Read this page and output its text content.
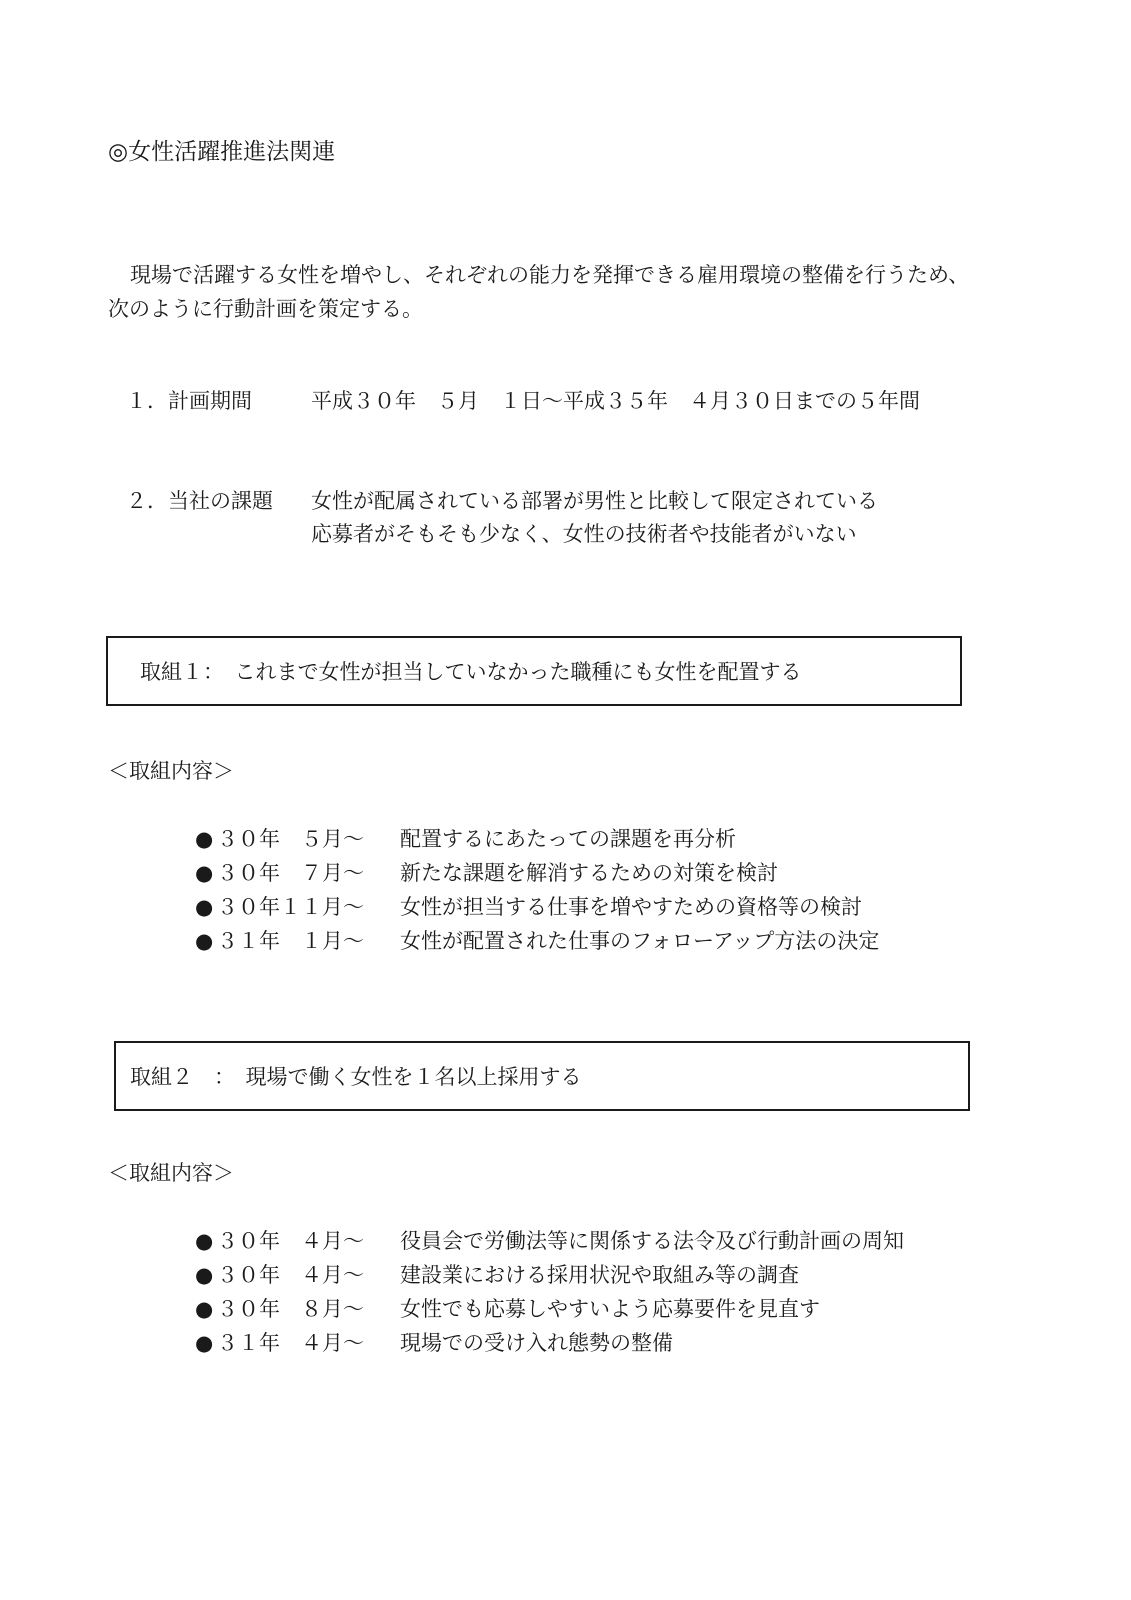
◎女性活躍推進法関連
現場で活躍する女性を増やし、それぞれの能力を発揮できる雇用環境の整備を行うため、
次のように行動計画を策定する。
１．計画期間	平成３０年　５月　１日～平成３５年　４月３０日までの５年間
２．当社の課題 女性が配属されている部署が男性と比較して限定されている
応募者がそもそも少なく、女性の技術者や技能者がいない
取組１：　これまで女性が担当していなかった職種にも女性を配置する
＜取組内容＞
● ３０年　５月～ 配置するにあたっての課題を再分析
● ３０年　７月～ 新たな課題を解消するための対策を検討
● ３０年１１月～ 女性が担当する仕事を増やすための資格等の検討
● ３１年　１月～ 女性が配置された仕事のフォローアップ方法の決定
取組２　：　現場で働く女性を１名以上採用する
＜取組内容＞
● ３０年　４月～ 役員会で労働法等に関係する法令及び行動計画の周知
● ３０年　４月～ 建設業における採用状況や取組み等の調査
● ３０年　８月～ 女性でも応募しやすいよう応募要件を見直す
● ３１年　４月～ 現場での受け入れ態勢の整備
